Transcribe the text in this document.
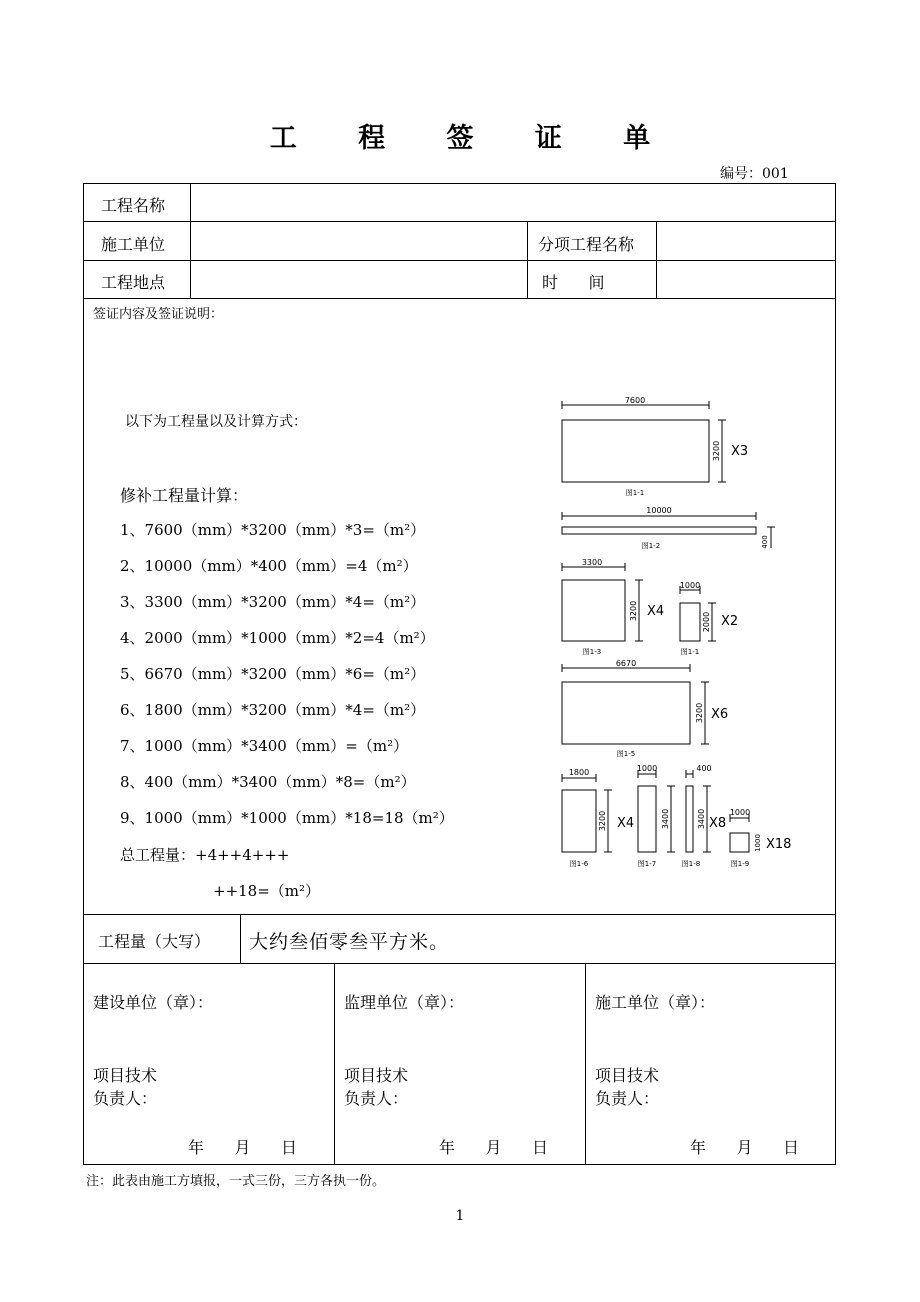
工 程 签 证 单
编号：001
工程名称
施工单位	分项工程名称
工程地点	时      间
签证内容及签证说明：
以下为工程量以及计算方式：
修补工程量计算：
1、7600（mm）*3200（mm）*3=（m²）
2、10000（mm）*400（mm）=4（m²）
3、3300（mm）*3200（mm）*4=（m²）
4、2000（mm）*1000（mm）*2=4（m²）
5、6670（mm）*3200（mm）*6=（m²）
6、1800（mm）*3200（mm）*4=（m²）
7、1000（mm）*3400（mm）=（m²）
8、400（mm）*3400（mm）*8=（m²）
9、1000（mm）*1000（mm）*18=18（m²）
总工程量：+4++4+++
++18=（m²）
7600
3200 X3
图1-1
10000
400
图1-2
3300
3200 X4
图1-3
1000
2000 X2
图1-1
6670
3200 X6
图1-5
1800
3200 X4
图1-6
1000
3400
图1-7
400
3400 X8
图1-8
1000
1000 X18
图1-9
工程量（大写） 大约叁佰零叁平方米。
建设单位（章）：
项目技术
负责人：
年      月      日
监理单位（章）：
项目技术
负责人：
年      月      日
施工单位（章）：
项目技术
负责人：
年      月      日
注：此表由施工方填报，一式三份，三方各执一份。
1
